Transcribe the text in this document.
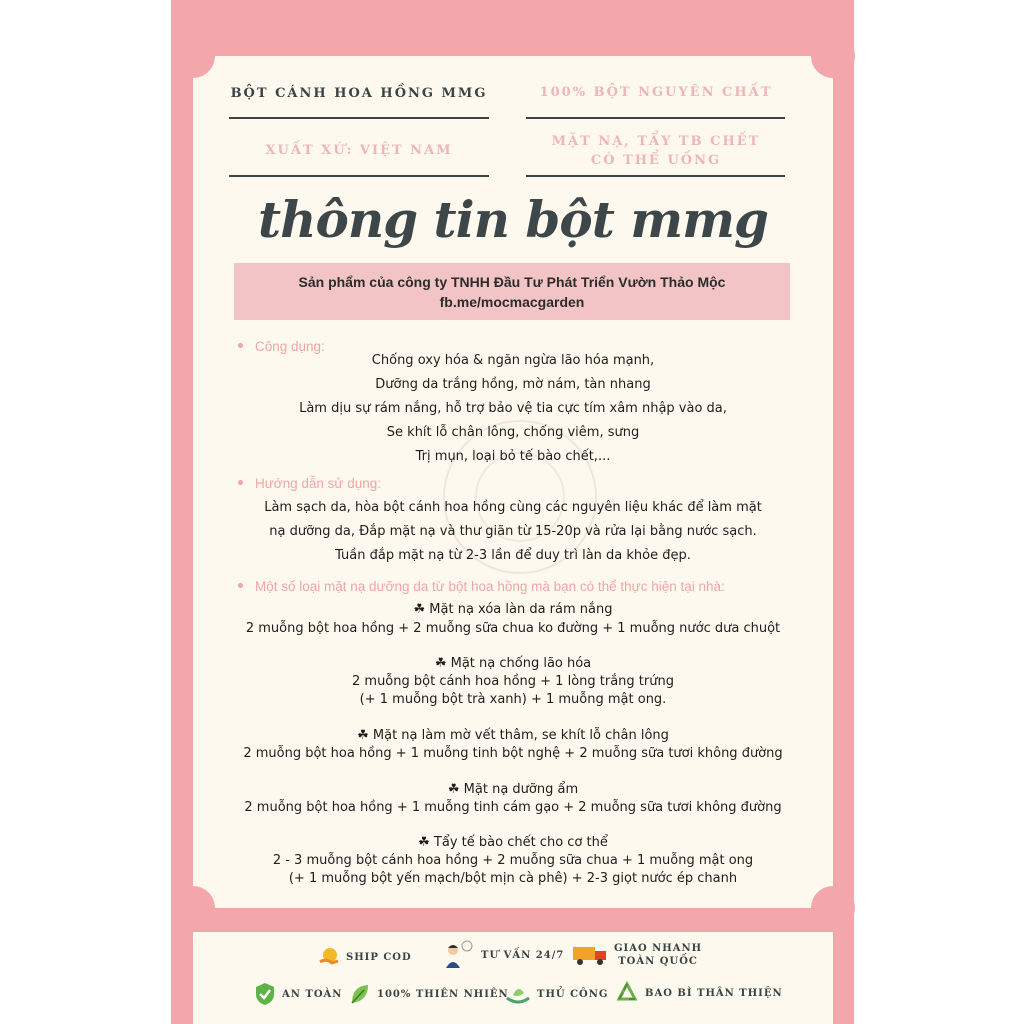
BỘT CÁNH HOA HỒNG MMG	100% BỘT NGUYÊN CHẤT
XUẤT XỨ: VIỆT NAM
MẶT NẠ, TẨY TB CHẾT
CÓ THỂ UỐNG
thông tin bột mmg
Sản phẩm của công ty TNHH Đầu Tư Phát Triển Vườn Thảo Mộc
fb.me/mocmacgarden
Công dụng:
Chống oxy hóa & ngăn ngừa lão hóa mạnh,
Dưỡng da trắng hồng, mờ nám, tàn nhang
Làm dịu sự rám nắng, hỗ trợ bảo vệ tia cực tím xâm nhập vào da,
Se khít lỗ chân lông, chống viêm, sưng
Trị mụn, loại bỏ tế bào chết,...
Hướng dẫn sử dụng:
Làm sạch da, hòa bột cánh hoa hồng cùng các nguyên liệu khác để làm mặt
nạ dưỡng da, Đắp mặt nạ và thư giãn từ 15-20p và rửa lại bằng nước sạch.
Tuần đắp mặt nạ từ 2-3 lần để duy trì làn da khỏe đẹp.
Một số loại mặt nạ dưỡng da từ bột hoa hồng mà bạn có thể thực hiện tại nhà:
☘ Mặt nạ xóa làn da rám nắng
2 muỗng bột hoa hồng + 2 muỗng sữa chua ko đường + 1 muỗng nước dưa chuột
☘ Mặt nạ chống lão hóa
2 muỗng bột cánh hoa hồng + 1 lòng trắng trứng
(+ 1 muỗng bột trà xanh) + 1 muỗng mật ong.
☘ Mặt nạ làm mờ vết thâm, se khít lỗ chân lông
2 muỗng bột hoa hồng + 1 muỗng tinh bột nghệ + 2 muỗng sữa tươi không đường
☘ Mặt nạ dưỡng ẩm
2 muỗng bột hoa hồng + 1 muỗng tinh cám gạo + 2 muỗng sữa tươi không đường
☘ Tẩy tế bào chết cho cơ thể
2 - 3 muỗng bột cánh hoa hồng + 2 muỗng sữa chua + 1 muỗng mật ong
(+ 1 muỗng bột yến mạch/bột mịn cà phê) + 2-3 giọt nước ép chanh
SHIP COD	TƯ VẤN 24/7
GIAO NHANH
TOÀN QUỐC
AN TOÀN	100% THIÊN NHIÊN	THỦ CÔNG	BAO BÌ THÂN THIỆN
